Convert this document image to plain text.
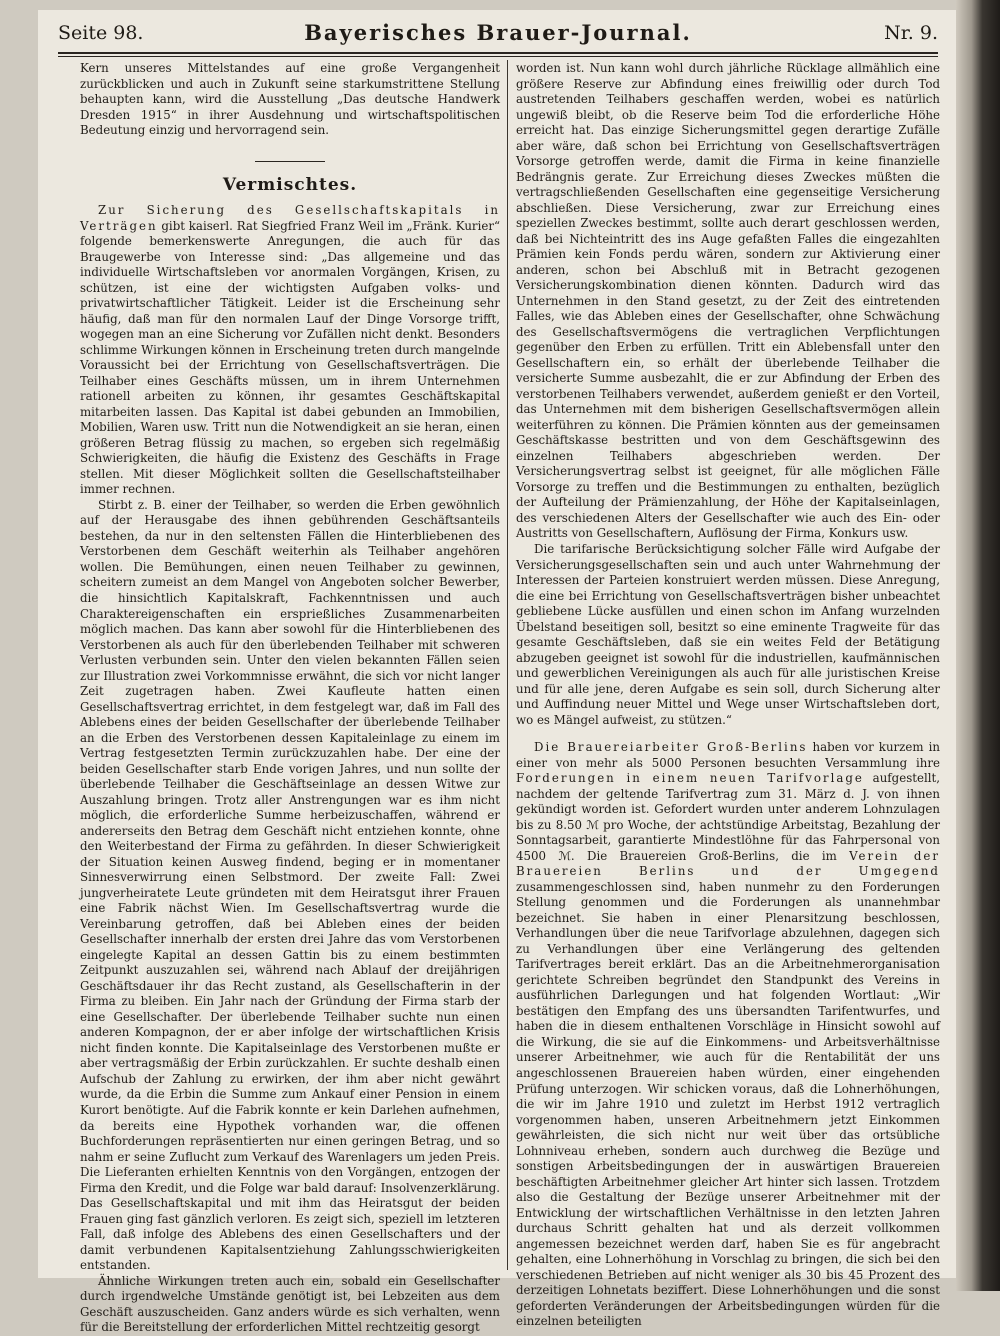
Seite 98.	Bayerisches Brauer-Journal.	Nr. 9.

Kern unseres Mittelstandes auf eine große Vergangenheit zurückblicken und auch in Zukunft seine starkumstrittene Stellung behaupten kann, wird die Ausstellung „Das deutsche Handwerk Dresden 1915“ in ihrer Ausdehnung und wirtschaftspolitischen Bedeutung einzig und hervorragend sein.

Vermischtes.

Zur Sicherung des Gesellschaftskapitals in Verträgen gibt kaiserl. Rat Siegfried Franz Weil im „Fränk. Kurier“ folgende bemerkenswerte Anregungen, die auch für das Braugewerbe von Interesse sind: „Das allgemeine und das individuelle Wirtschaftsleben vor anormalen Vorgängen, Krisen, zu schützen, ist eine der wichtigsten Aufgaben volks- und privatwirtschaftlicher Tätigkeit. Leider ist die Erscheinung sehr häufig, daß man für den normalen Lauf der Dinge Vorsorge trifft, wogegen man an eine Sicherung vor Zufällen nicht denkt. Besonders schlimme Wirkungen können in Erscheinung treten durch mangelnde Voraussicht bei der Errichtung von Gesellschaftsverträgen. Die Teilhaber eines Geschäfts müssen, um in ihrem Unternehmen rationell arbeiten zu können, ihr gesamtes Geschäftskapital mitarbeiten lassen. Das Kapital ist dabei gebunden an Immobilien, Mobilien, Waren usw. Tritt nun die Notwendigkeit an sie heran, einen größeren Betrag flüssig zu machen, so ergeben sich regelmäßig Schwierigkeiten, die häufig die Existenz des Geschäfts in Frage stellen. Mit dieser Möglichkeit sollten die Gesellschaftsteilhaber immer rechnen.

Stirbt z. B. einer der Teilhaber, so werden die Erben gewöhnlich auf der Herausgabe des ihnen gebührenden Geschäftsanteils bestehen, da nur in den seltensten Fällen die Hinterbliebenen des Verstorbenen dem Geschäft weiterhin als Teilhaber angehören wollen. Die Bemühungen, einen neuen Teilhaber zu gewinnen, scheitern zumeist an dem Mangel von Angeboten solcher Bewerber, die hinsichtlich Kapitalskraft, Fachkenntnissen und auch Charaktereigenschaften ein ersprießliches Zusammenarbeiten möglich machen. Das kann aber sowohl für die Hinterbliebenen des Verstorbenen als auch für den überlebenden Teilhaber mit schweren Verlusten verbunden sein. Unter den vielen bekannten Fällen seien zur Illustration zwei Vorkommnisse erwähnt, die sich vor nicht langer Zeit zugetragen haben. Zwei Kaufleute hatten einen Gesellschaftsvertrag errichtet, in dem festgelegt war, daß im Fall des Ablebens eines der beiden Gesellschafter der überlebende Teilhaber an die Erben des Verstorbenen dessen Kapitaleinlage zu einem im Vertrag festgesetzten Termin zurückzuzahlen habe. Der eine der beiden Gesellschafter starb Ende vorigen Jahres, und nun sollte der überlebende Teilhaber die Geschäftseinlage an dessen Witwe zur Auszahlung bringen. Trotz aller Anstrengungen war es ihm nicht möglich, die erforderliche Summe herbeizuschaffen, während er andererseits den Betrag dem Geschäft nicht entziehen konnte, ohne den Weiterbestand der Firma zu gefährden. In dieser Schwierigkeit der Situation keinen Ausweg findend, beging er in momentaner Sinnesverwirrung einen Selbstmord. Der zweite Fall: Zwei jungverheiratete Leute gründeten mit dem Heiratsgut ihrer Frauen eine Fabrik nächst Wien. Im Gesellschaftsvertrag wurde die Vereinbarung getroffen, daß bei Ableben eines der beiden Gesellschafter innerhalb der ersten drei Jahre das vom Verstorbenen eingelegte Kapital an dessen Gattin bis zu einem bestimmten Zeitpunkt auszuzahlen sei, während nach Ablauf der dreijährigen Geschäftsdauer ihr das Recht zustand, als Gesellschafterin in der Firma zu bleiben. Ein Jahr nach der Gründung der Firma starb der eine Gesellschafter. Der überlebende Teilhaber suchte nun einen anderen Kompagnon, der er aber infolge der wirtschaftlichen Krisis nicht finden konnte. Die Kapitalseinlage des Verstorbenen mußte er aber vertragsmäßig der Erbin zurückzahlen. Er suchte deshalb einen Aufschub der Zahlung zu erwirken, der ihm aber nicht gewährt wurde, da die Erbin die Summe zum Ankauf einer Pension in einem Kurort benötigte. Auf die Fabrik konnte er kein Darlehen aufnehmen, da bereits eine Hypothek vorhanden war, die offenen Buchforderungen repräsentierten nur einen geringen Betrag, und so nahm er seine Zuflucht zum Verkauf des Warenlagers um jeden Preis. Die Lieferanten erhielten Kenntnis von den Vorgängen, entzogen der Firma den Kredit, und die Folge war bald darauf: Insolvenzerklärung. Das Gesellschaftskapital und mit ihm das Heiratsgut der beiden Frauen ging fast gänzlich verloren. Es zeigt sich, speziell im letzteren Fall, daß infolge des Ablebens des einen Gesellschafters und der damit verbundenen Kapitalsentziehung Zahlungsschwierigkeiten entstanden.

Ähnliche Wirkungen treten auch ein, sobald ein Gesellschafter durch irgendwelche Umstände genötigt ist, bei Lebzeiten aus dem Geschäft auszuscheiden. Ganz anders würde es sich verhalten, wenn für die Bereitstellung der erforderlichen Mittel rechtzeitig gesorgt

worden ist. Nun kann wohl durch jährliche Rücklage allmählich eine größere Reserve zur Abfindung eines freiwillig oder durch Tod austretenden Teilhabers geschaffen werden, wobei es natürlich ungewiß bleibt, ob die Reserve beim Tod die erforderliche Höhe erreicht hat. Das einzige Sicherungsmittel gegen derartige Zufälle aber wäre, daß schon bei Errichtung von Gesellschaftsverträgen Vorsorge getroffen werde, damit die Firma in keine finanzielle Bedrängnis gerate. Zur Erreichung dieses Zweckes müßten die vertragschließenden Gesellschaften eine gegenseitige Versicherung abschließen. Diese Versicherung, zwar zur Erreichung eines speziellen Zweckes bestimmt, sollte auch derart geschlossen werden, daß bei Nichteintritt des ins Auge gefaßten Falles die eingezahlten Prämien kein Fonds perdu wären, sondern zur Aktivierung einer anderen, schon bei Abschluß mit in Betracht gezogenen Versicherungskombination dienen könnten. Dadurch wird das Unternehmen in den Stand gesetzt, zu der Zeit des eintretenden Falles, wie das Ableben eines der Gesellschafter, ohne Schwächung des Gesellschaftsvermögens die vertraglichen Verpflichtungen gegenüber den Erben zu erfüllen. Tritt ein Ablebensfall unter den Gesellschaftern ein, so erhält der überlebende Teilhaber die versicherte Summe ausbezahlt, die er zur Abfindung der Erben des verstorbenen Teilhabers verwendet, außerdem genießt er den Vorteil, das Unternehmen mit dem bisherigen Gesellschaftsvermögen allein weiterführen zu können. Die Prämien könnten aus der gemeinsamen Geschäftskasse bestritten und von dem Geschäftsgewinn des einzelnen Teilhabers abgeschrieben werden. Der Versicherungsvertrag selbst ist geeignet, für alle möglichen Fälle Vorsorge zu treffen und die Bestimmungen zu enthalten, bezüglich der Aufteilung der Prämienzahlung, der Höhe der Kapitalseinlagen, des verschiedenen Alters der Gesellschafter wie auch des Ein- oder Austritts von Gesellschaftern, Auflösung der Firma, Konkurs usw.

Die tarifarische Berücksichtigung solcher Fälle wird Aufgabe der Versicherungsgesellschaften sein und auch unter Wahrnehmung der Interessen der Parteien konstruiert werden müssen. Diese Anregung, die eine bei Errichtung von Gesellschaftsverträgen bisher unbeachtet gebliebene Lücke ausfüllen und einen schon im Anfang wurzelnden Übelstand beseitigen soll, besitzt so eine eminente Tragweite für das gesamte Geschäftsleben, daß sie ein weites Feld der Betätigung abzugeben geeignet ist sowohl für die industriellen, kaufmännischen und gewerblichen Vereinigungen als auch für alle juristischen Kreise und für alle jene, deren Aufgabe es sein soll, durch Sicherung alter und Auffindung neuer Mittel und Wege unser Wirtschaftsleben dort, wo es Mängel aufweist, zu stützen.“

Die Brauereiarbeiter Groß-Berlins haben vor kurzem in einer von mehr als 5000 Personen besuchten Versammlung ihre Forderungen in einem neuen Tarifvorlage aufgestellt, nachdem der geltende Tarifvertrag zum 31. März d. J. von ihnen gekündigt worden ist. Gefordert wurden unter anderem Lohnzulagen bis zu 8.50 ℳ pro Woche, der achtstündige Arbeitstag, Bezahlung der Sonntagsarbeit, garantierte Mindestlöhne für das Fahrpersonal von 4500 ℳ. Die Brauereien Groß-Berlins, die im Verein der Brauereien Berlins und der Umgegend zusammengeschlossen sind, haben nunmehr zu den Forderungen Stellung genommen und die Forderungen als unannehmbar bezeichnet. Sie haben in einer Plenarsitzung beschlossen, Verhandlungen über die neue Tarifvorlage abzulehnen, dagegen sich zu Verhandlungen über eine Verlängerung des geltenden Tarifvertrages bereit erklärt. Das an die Arbeitnehmerorganisation gerichtete Schreiben begründet den Standpunkt des Vereins in ausführlichen Darlegungen und hat folgenden Wortlaut: „Wir bestätigen den Empfang des uns übersandten Tarifentwurfes, und haben die in diesem enthaltenen Vorschläge in Hinsicht sowohl auf die Wirkung, die sie auf die Einkommens- und Arbeitsverhältnisse unserer Arbeitnehmer, wie auch für die Rentabilität der uns angeschlossenen Brauereien haben würden, einer eingehenden Prüfung unterzogen. Wir schicken voraus, daß die Lohnerhöhungen, die wir im Jahre 1910 und zuletzt im Herbst 1912 vertraglich vorgenommen haben, unseren Arbeitnehmern jetzt Einkommen gewährleisten, die sich nicht nur weit über das ortsübliche Lohnniveau erheben, sondern auch durchweg die Bezüge und sonstigen Arbeitsbedingungen der in auswärtigen Brauereien beschäftigten Arbeitnehmer gleicher Art hinter sich lassen. Trotzdem also die Gestaltung der Bezüge unserer Arbeitnehmer mit der Entwicklung der wirtschaftlichen Verhältnisse in den letzten Jahren durchaus Schritt gehalten hat und als derzeit vollkommen angemessen bezeichnet werden darf, haben Sie es für angebracht gehalten, eine Lohnerhöhung in Vorschlag zu bringen, die sich bei den verschiedenen Betrieben auf nicht weniger als 30 bis 45 Prozent des derzeitigen Lohnetats beziffert. Diese Lohnerhöhungen und die sonst geforderten Veränderungen der Arbeitsbedingungen würden für die einzelnen beteiligten
